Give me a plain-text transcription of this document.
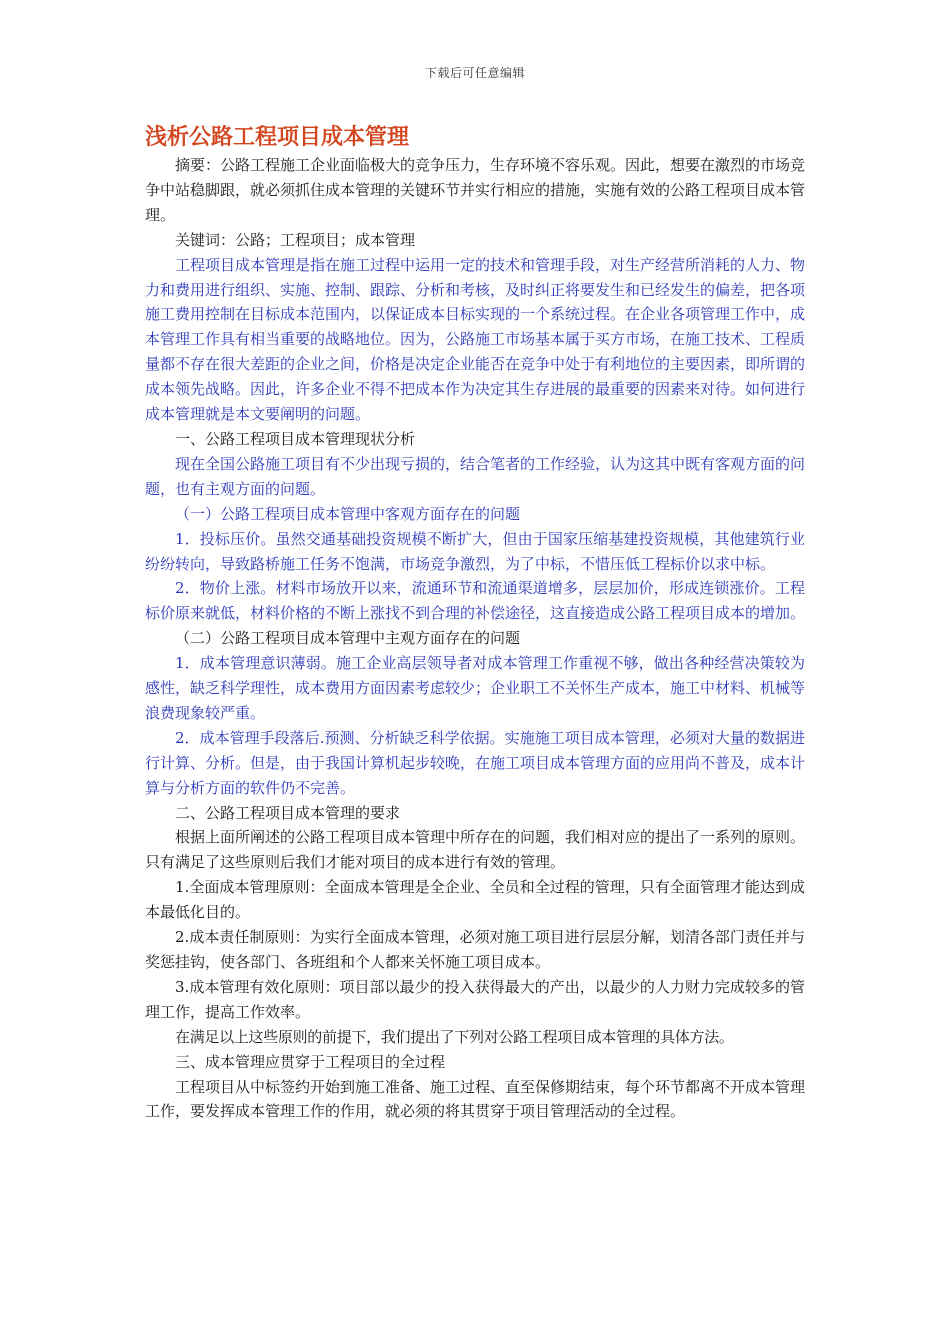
下载后可任意编辑
浅析公路工程项目成本管理

摘要：公路工程施工企业面临极大的竞争压力，生存环境不容乐观。因此，想要在激烈的市场竞争中站稳脚跟，就必须抓住成本管理的关键环节并实行相应的措施，实施有效的公路工程项目成本管理。

关键词：公路；工程项目；成本管理

工程项目成本管理是指在施工过程中运用一定的技术和管理手段，对生产经营所消耗的人力、物力和费用进行组织、实施、控制、跟踪、分析和考核，及时纠正将要发生和已经发生的偏差，把各项施工费用控制在目标成本范围内，以保证成本目标实现的一个系统过程。在企业各项管理工作中，成本管理工作具有相当重要的战略地位。因为，公路施工市场基本属于买方市场，在施工技术、工程质量都不存在很大差距的企业之间，价格是决定企业能否在竞争中处于有利地位的主要因素，即所谓的成本领先战略。因此，许多企业不得不把成本作为决定其生存进展的最重要的因素来对待。如何进行成本管理就是本文要阐明的问题。

一、公路工程项目成本管理现状分析

现在全国公路施工项目有不少出现亏损的，结合笔者的工作经验，认为这其中既有客观方面的问题，也有主观方面的问题。

（一）公路工程项目成本管理中客观方面存在的问题

1．投标压价。虽然交通基础投资规模不断扩大，但由于国家压缩基建投资规模，其他建筑行业纷纷转向，导致路桥施工任务不饱满，市场竞争激烈，为了中标，不惜压低工程标价以求中标。

2．物价上涨。材料市场放开以来，流通环节和流通渠道增多，层层加价，形成连锁涨价。工程标价原来就低，材料价格的不断上涨找不到合理的补偿途径，这直接造成公路工程项目成本的增加。

（二）公路工程项目成本管理中主观方面存在的问题

1．成本管理意识薄弱。施工企业高层领导者对成本管理工作重视不够，做出各种经营决策较为感性，缺乏科学理性，成本费用方面因素考虑较少；企业职工不关怀生产成本，施工中材料、机械等浪费现象较严重。

2．成本管理手段落后.预测、分析缺乏科学依据。实施施工项目成本管理，必须对大量的数据进行计算、分析。但是，由于我国计算机起步较晚，在施工项目成本管理方面的应用尚不普及，成本计算与分析方面的软件仍不完善。

二、公路工程项目成本管理的要求

根据上面所阐述的公路工程项目成本管理中所存在的问题，我们相对应的提出了一系列的原则。只有满足了这些原则后我们才能对项目的成本进行有效的管理。

1.全面成本管理原则：全面成本管理是全企业、全员和全过程的管理，只有全面管理才能达到成本最低化目的。

2.成本责任制原则：为实行全面成本管理，必须对施工项目进行层层分解，划清各部门责任并与奖惩挂钩，使各部门、各班组和个人都来关怀施工项目成本。

3.成本管理有效化原则：项目部以最少的投入获得最大的产出，以最少的人力财力完成较多的管理工作，提高工作效率。

在满足以上这些原则的前提下，我们提出了下列对公路工程项目成本管理的具体方法。

三、成本管理应贯穿于工程项目的全过程

工程项目从中标签约开始到施工准备、施工过程、直至保修期结束，每个环节都离不开成本管理工作，要发挥成本管理工作的作用，就必须的将其贯穿于项目管理活动的全过程。
